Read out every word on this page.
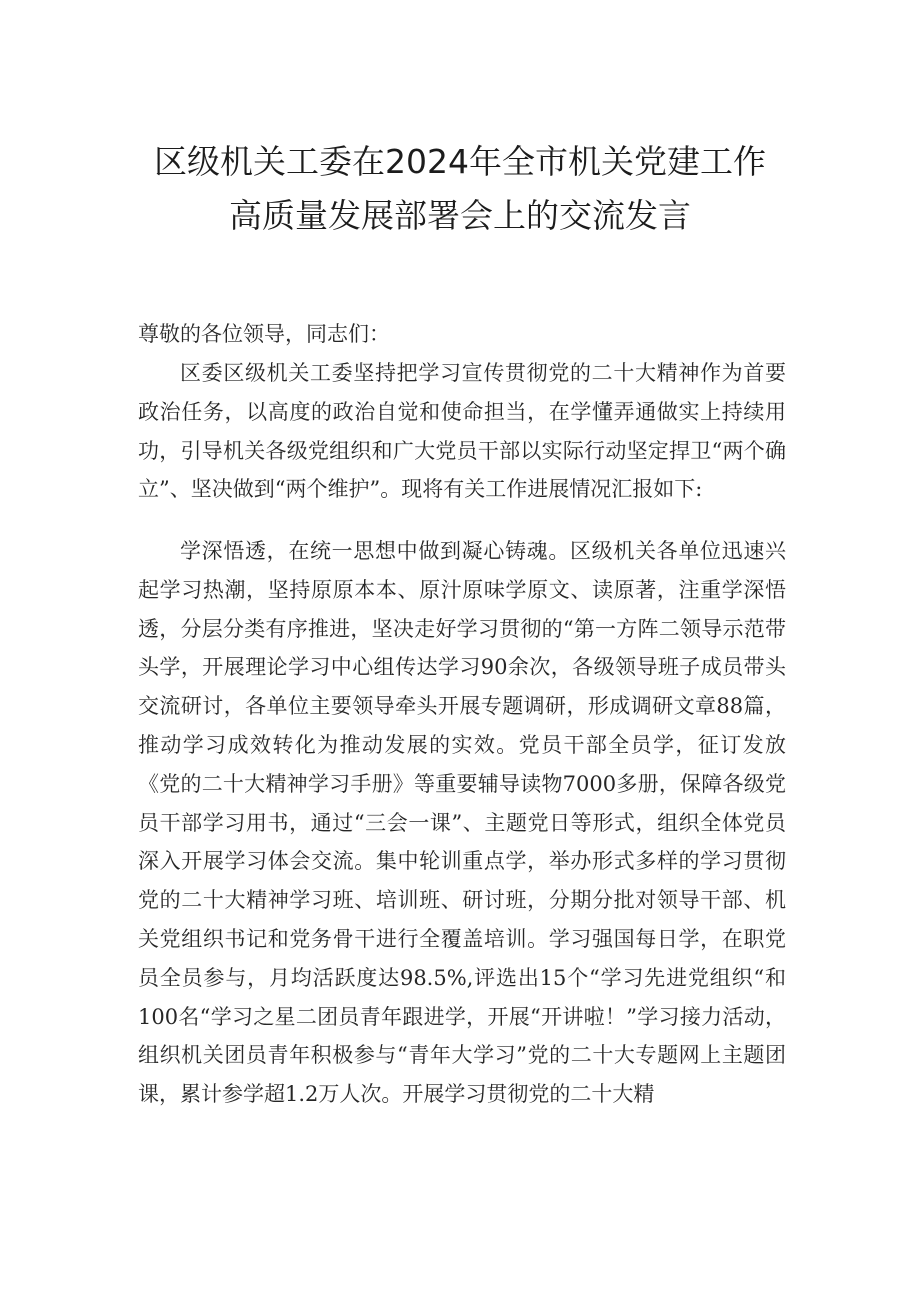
区级机关工委在2024年全市机关党建工作
高质量发展部署会上的交流发言
尊敬的各位领导，同志们：

区委区级机关工委坚持把学习宣传贯彻党的二十大精神作为首要政治任务，以高度的政治自觉和使命担当，在学懂弄通做实上持续用功，引导机关各级党组织和广大党员干部以实际行动坚定捍卫“两个确立”、坚决做到“两个维护”。现将有关工作进展情况汇报如下:

学深悟透，在统一思想中做到凝心铸魂。区级机关各单位迅速兴起学习热潮，坚持原原本本、原汁原味学原文、读原著，注重学深悟透，分层分类有序推进，坚决走好学习贯彻的“第一方阵二领导示范带头学，开展理论学习中心组传达学习90余次，各级领导班子成员带头交流研讨，各单位主要领导牵头开展专题调研，形成调研文章88篇，推动学习成效转化为推动发展的实效。党员干部全员学，征订发放《党的二十大精神学习手册》等重要辅导读物7000多册，保障各级党员干部学习用书，通过“三会一课”、主题党日等形式，组织全体党员深入开展学习体会交流。集中轮训重点学，举办形式多样的学习贯彻党的二十大精神学习班、培训班、研讨班，分期分批对领导干部、机关党组织书记和党务骨干进行全覆盖培训。学习强国每日学，在职党员全员参与，月均活跃度达98.5%,评选出15个“学习先进党组织“和100名“学习之星二团员青年跟进学，开展“开讲啦！”学习接力活动，组织机关团员青年积极参与“青年大学习”党的二十大专题网上主题团课，累计参学超1.2万人次。开展学习贯彻党的二十大精
